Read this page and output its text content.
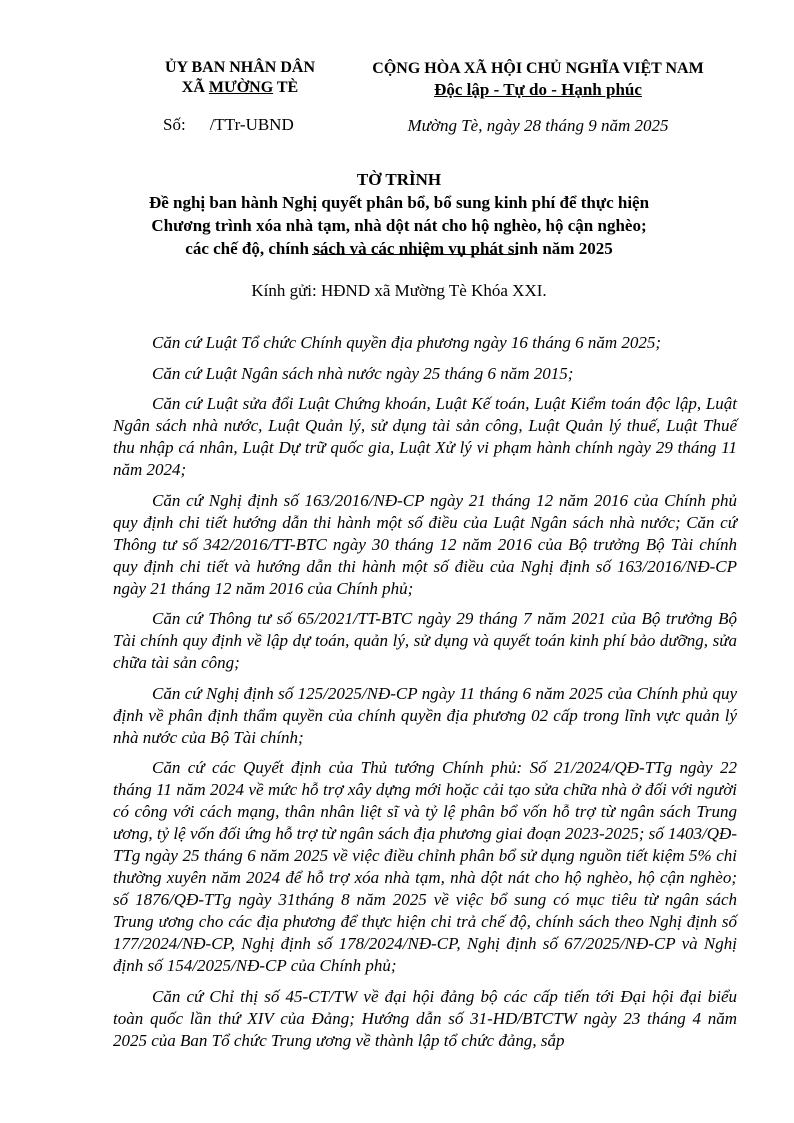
ỦY BAN NHÂN DÂN
XÃ MƯỜNG TÈ
CỘNG HÒA XÃ HỘI CHỦ NGHĨA VIỆT NAM
Độc lập - Tự do - Hạnh phúc
Số: /TTr-UBND	Mường Tè, ngày 28 tháng 9 năm 2025
TỜ TRÌNH
Đề nghị ban hành Nghị quyết phân bổ, bổ sung kinh phí để thực hiện
Chương trình xóa nhà tạm, nhà dột nát cho hộ nghèo, hộ cận nghèo;
các chế độ, chính sách và các nhiệm vụ phát sinh năm 2025
Kính gửi: HĐND xã Mường Tè Khóa XXI.

Căn cứ Luật Tổ chức Chính quyền địa phương ngày 16 tháng 6 năm 2025;

Căn cứ Luật Ngân sách nhà nước ngày 25 tháng 6 năm 2015;

Căn cứ Luật sửa đổi Luật Chứng khoán, Luật Kế toán, Luật Kiểm toán độc lập, Luật Ngân sách nhà nước, Luật Quản lý, sử dụng tài sản công, Luật Quản lý thuế, Luật Thuế thu nhập cá nhân, Luật Dự trữ quốc gia, Luật Xử lý vi phạm hành chính ngày 29 tháng 11 năm 2024;

Căn cứ Nghị định số 163/2016/NĐ-CP ngày 21 tháng 12 năm 2016 của Chính phủ quy định chi tiết hướng dẫn thi hành một số điều của Luật Ngân sách nhà nước; Căn cứ Thông tư số 342/2016/TT-BTC ngày 30 tháng 12 năm 2016 của Bộ trưởng Bộ Tài chính quy định chi tiết và hướng dẫn thi hành một số điều của Nghị định số 163/2016/NĐ-CP ngày 21 tháng 12 năm 2016 của Chính phủ;

Căn cứ Thông tư số 65/2021/TT-BTC ngày 29 tháng 7 năm 2021 của Bộ trưởng Bộ Tài chính quy định về lập dự toán, quản lý, sử dụng và quyết toán kinh phí bảo dưỡng, sửa chữa tài sản công;

Căn cứ Nghị định số 125/2025/NĐ-CP ngày 11 tháng 6 năm 2025 của Chính phủ quy định về phân định thẩm quyền của chính quyền địa phương 02 cấp trong lĩnh vực quản lý nhà nước của Bộ Tài chính;

Căn cứ các Quyết định của Thủ tướng Chính phủ: Số 21/2024/QĐ-TTg ngày 22 tháng 11 năm 2024 về mức hỗ trợ xây dựng mới hoặc cải tạo sửa chữa nhà ở đối với người có công với cách mạng, thân nhân liệt sĩ và tỷ lệ phân bổ vốn hỗ trợ từ ngân sách Trung ương, tỷ lệ vốn đối ứng hỗ trợ từ ngân sách địa phương giai đoạn 2023-2025; số 1403/QĐ-TTg ngày 25 tháng 6 năm 2025 về việc điều chỉnh phân bổ sử dụng nguồn tiết kiệm 5% chi thường xuyên năm 2024 để hỗ trợ xóa nhà tạm, nhà dột nát cho hộ nghèo, hộ cận nghèo; số 1876/QĐ-TTg ngày 31tháng 8 năm 2025 về việc bổ sung có mục tiêu từ ngân sách Trung ương cho các địa phương để thực hiện chi trả chế độ, chính sách theo Nghị định số 177/2024/NĐ-CP, Nghị định số 178/2024/NĐ-CP, Nghị định số 67/2025/NĐ-CP và Nghị định số 154/2025/NĐ-CP của Chính phủ;

Căn cứ Chỉ thị số 45-CT/TW về đại hội đảng bộ các cấp tiến tới Đại hội đại biểu toàn quốc lần thứ XIV của Đảng; Hướng dẫn số 31-HD/BTCTW ngày 23 tháng 4 năm 2025 của Ban Tổ chức Trung ương về thành lập tổ chức đảng, sắp
